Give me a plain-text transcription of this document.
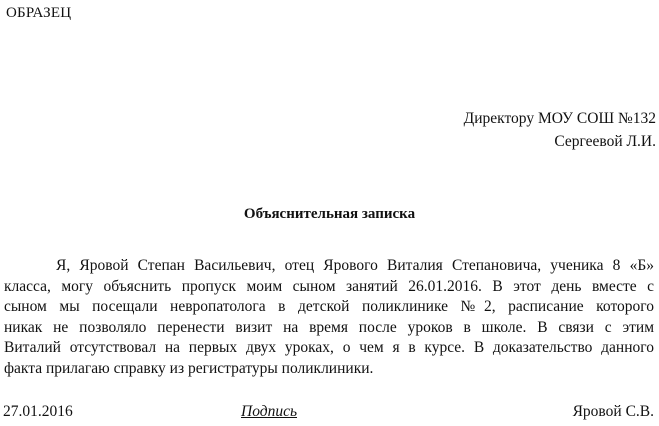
ОБРАЗЕЦ
Директору МОУ СОШ №132
Сергеевой Л.И.
Объяснительная записка
Я, Яровой Степан Васильевич, отец Ярового Виталия Степановича, ученика 8 «Б»
класса, могу объяснить пропуск моим сыном занятий 26.01.2016. В этот день вместе с
сыном мы посещали невропатолога в детской поликлинике №2, расписание которого
никак не позволяло перенести визит на время после уроков в школе. В связи с этим
Виталий отсутствовал на первых двух уроках, о чем я в курсе. В доказательство данного
факта прилагаю справку из регистратуры поликлиники.
27.01.2016	Подпись	Яровой С.В.
